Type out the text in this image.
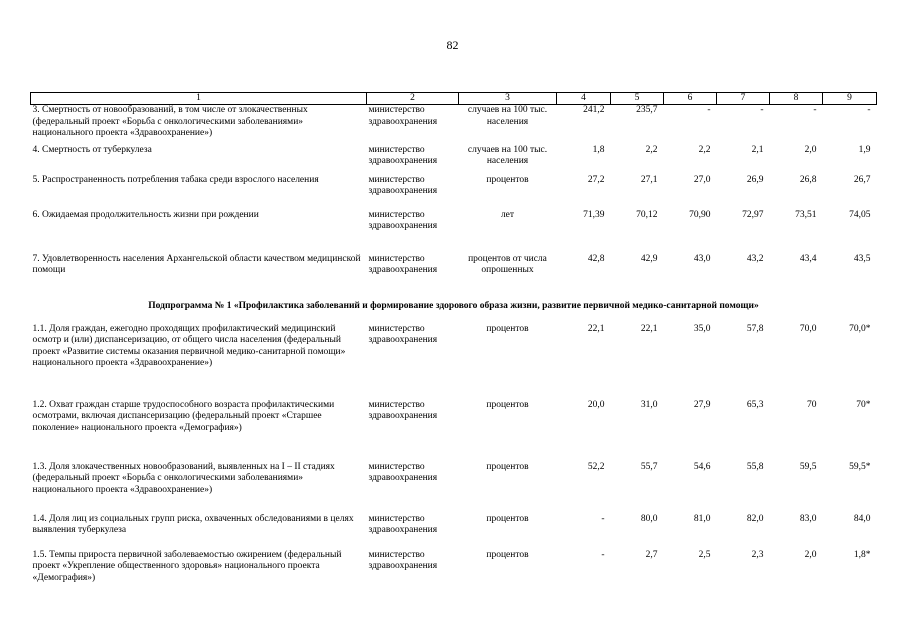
82
1	2	3	4	5	6	7	8	9
3. Смертность от новообразований, в том числе от злокачественных (федеральный проект «Борьба с онкологическими заболеваниями» национального проекта «Здравоохранение»)	министерство здравоохранения	случаев на 100 тыс. населения	241,2	235,7	-	-	-	-
4. Смертность от туберкулеза	министерство здравоохранения	случаев на 100 тыс. населения	1,8	2,2	2,2	2,1	2,0	1,9
5. Распространенность потребления табака среди взрослого населения	министерство здравоохранения	процентов	27,2	27,1	27,0	26,9	26,8	26,7
6. Ожидаемая продолжительность жизни при рождении	министерство здравоохранения	лет	71,39	70,12	70,90	72,97	73,51	74,05
7. Удовлетворенность населения Архангельской области качеством медицинской помощи	министерство здравоохранения	процентов от числа опрошенных	42,8	42,9	43,0	43,2	43,4	43,5
Подпрограмма № 1 «Профилактика заболеваний и формирование здорового образа жизни, развитие первичной медико-санитарной помощи»								
1.1. Доля граждан, ежегодно проходящих профилактический медицинский осмотр и (или) диспансеризацию, от общего числа населения (федеральный проект «Развитие системы оказания первичной медико-санитарной помощи» национального проекта «Здравоохранение»)	министерство здравоохранения	процентов	22,1	22,1	35,0	57,8	70,0	70,0*
1.2. Охват граждан старше трудоспособного возраста профилактическими осмотрами, включая диспансеризацию (федеральный проект «Старшее поколение» национального проекта «Демография»)	министерство здравоохранения	процентов	20,0	31,0	27,9	65,3	70	70*
1.3. Доля злокачественных новообразований, выявленных на I – II стадиях (федеральный проект «Борьба с онкологическими заболеваниями» национального проекта «Здравоохранение»)	министерство здравоохранения	процентов	52,2	55,7	54,6	55,8	59,5	59,5*
1.4. Доля лиц из социальных групп риска, охваченных обследованиями в целях выявления туберкулеза	министерство здравоохранения	процентов	-	80,0	81,0	82,0	83,0	84,0
1.5. Темпы прироста первичной заболеваемостью ожирением (федеральный проект «Укрепление общественного здоровья» национального проекта «Демография»)	министерство здравоохранения	процентов	-	2,7	2,5	2,3	2,0	1,8*
